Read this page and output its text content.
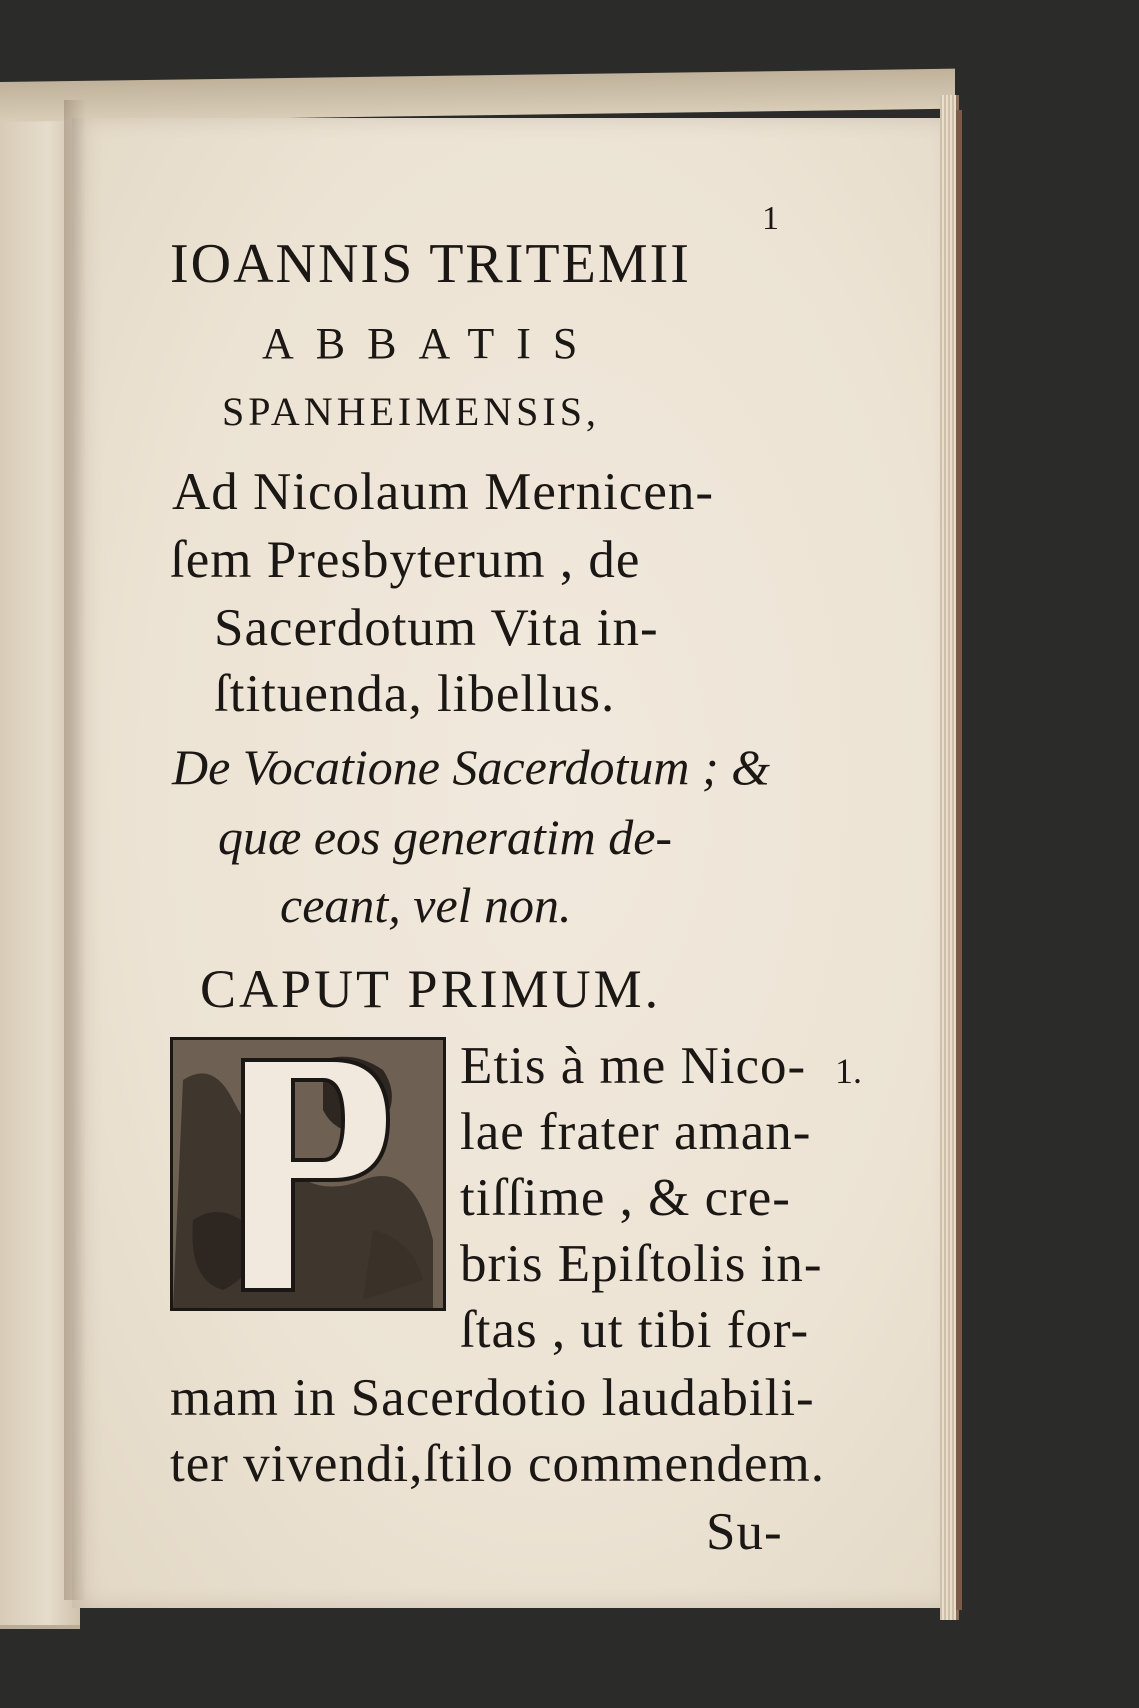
1
IOANNIS TRITEMII
ABBATIS
SPANHEIMENSIS,
Ad Nicolaum Mernicen-
ſem Presbyterum , de
Sacerdotum Vita in-
ſtituenda, libellus.
De Vocatione Sacerdotum ; &
quæ eos generatim de-
ceant, vel non.
CAPUT PRIMUM.
P
Etis à me Nico-
lae frater aman-
tiſſime , & cre-
bris Epiſtolis in-
ſtas , ut tibi for-
mam in Sacerdotio laudabili-
ter vivendi,ſtilo commendem.
Su-
1.
